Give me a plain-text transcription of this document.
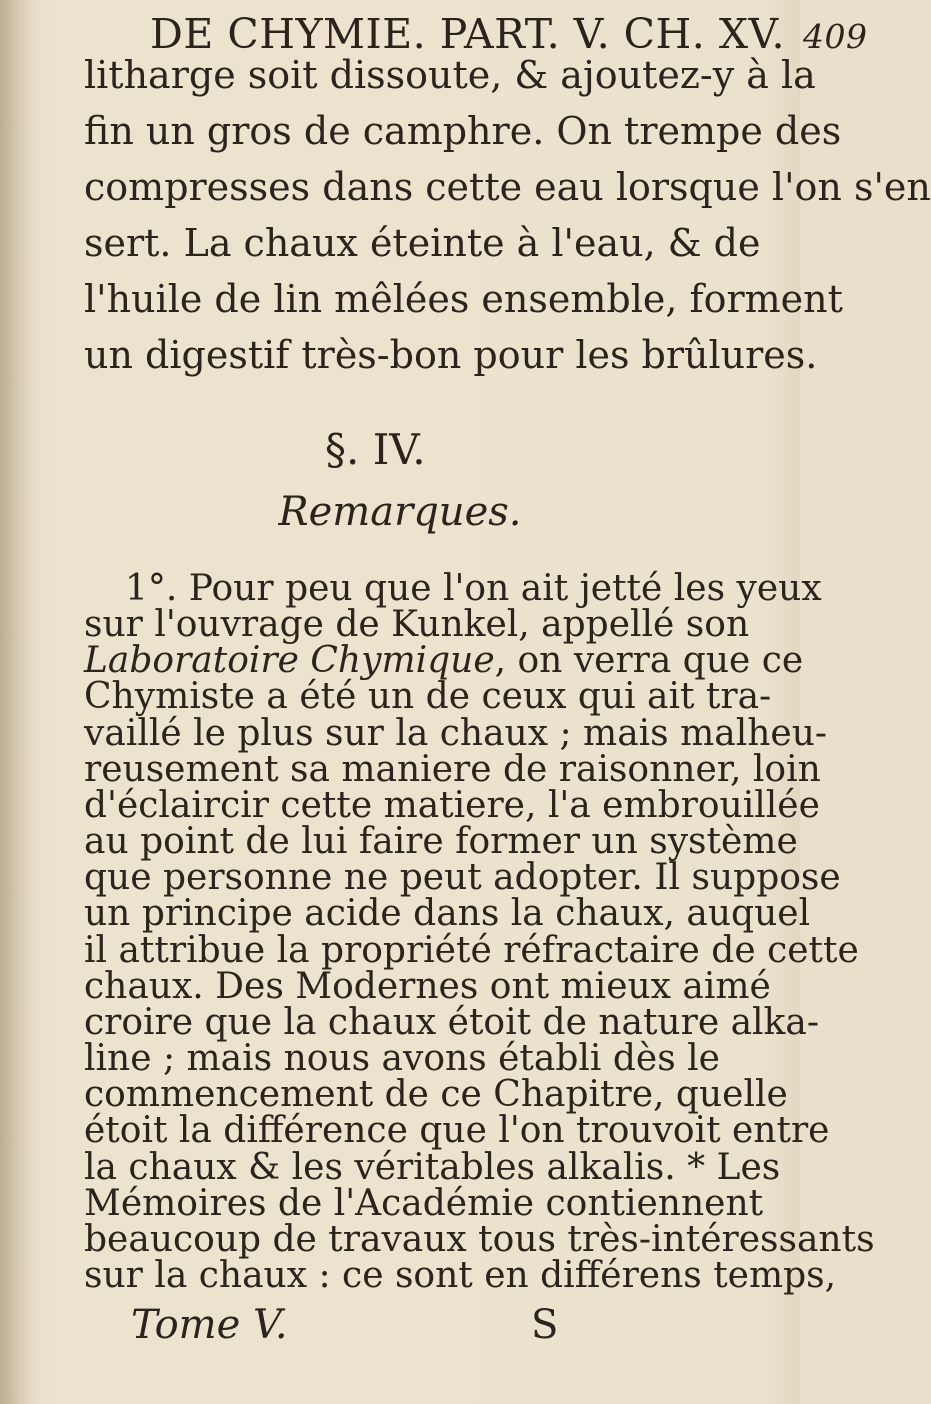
DE CHYMIE. PART. V. CH. XV. 409
litharge soit dissoute, & ajoutez-y à la
fin un gros de camphre. On trempe des
compresses dans cette eau lorsque l'on s'en
sert. La chaux éteinte à l'eau, & de
l'huile de lin mêlées ensemble, forment
un digestif très-bon pour les brûlures.
§. IV.
Remarques.
1°. Pour peu que l'on ait jetté les yeux
sur l'ouvrage de Kunkel, appellé son
Laboratoire Chymique, on verra que ce
Chymiste a été un de ceux qui ait tra-
vaillé le plus sur la chaux ; mais malheu-
reusement sa maniere de raisonner, loin
d'éclaircir cette matiere, l'a embrouillée
au point de lui faire former un système
que personne ne peut adopter. Il suppose
un principe acide dans la chaux, auquel
il attribue la propriété réfractaire de cette
chaux. Des Modernes ont mieux aimé
croire que la chaux étoit de nature alka-
line ; mais nous avons établi dès le
commencement de ce Chapitre, quelle
étoit la différence que l'on trouvoit entre
la chaux & les véritables alkalis. * Les
Mémoires de l'Académie contiennent
beaucoup de travaux tous très-intéressants
sur la chaux : ce sont en différens temps,
Tome V.	S
